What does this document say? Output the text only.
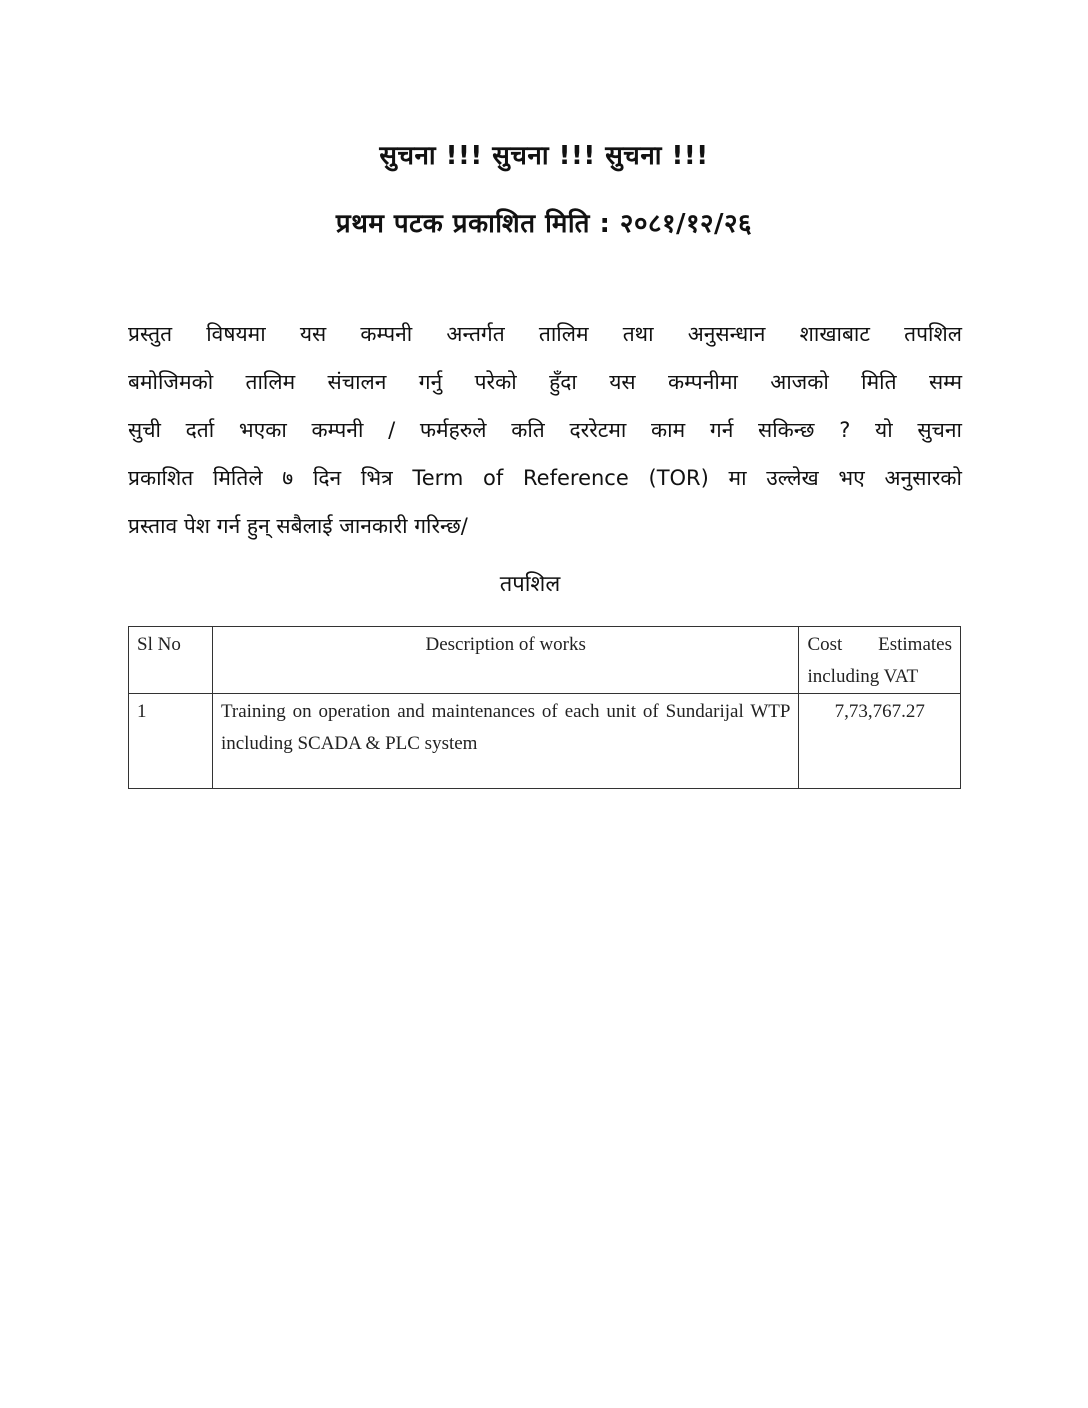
सुचना !!! सुचना !!! सुचना !!!
प्रथम पटक प्रकाशित मिति : २०८१/१२/२६
प्रस्तुत विषयमा यस कम्पनी अन्तर्गत तालिम तथा अनुसन्धान शाखाबाट तपशिल
बमोजिमको तालिम संचालन गर्नु परेको हुँदा यस कम्पनीमा आजको मिति सम्म
सुची दर्ता भएका कम्पनी / फर्महरुले कति दररेटमा काम गर्न सकिन्छ ? यो सुचना
प्रकाशित मितिले ७ दिन भित्र Term of Reference (TOR) मा उल्लेख भए अनुसारको
प्रस्ताव पेश गर्न हुन् सबैलाई जानकारी गरिन्छ/
तपशिल
Sl No	Description of works	Cost Estimates
including VAT
1	Training on operation and maintenances of each unit of Sundarijal WTP including SCADA & PLC system	7,73,767.27
